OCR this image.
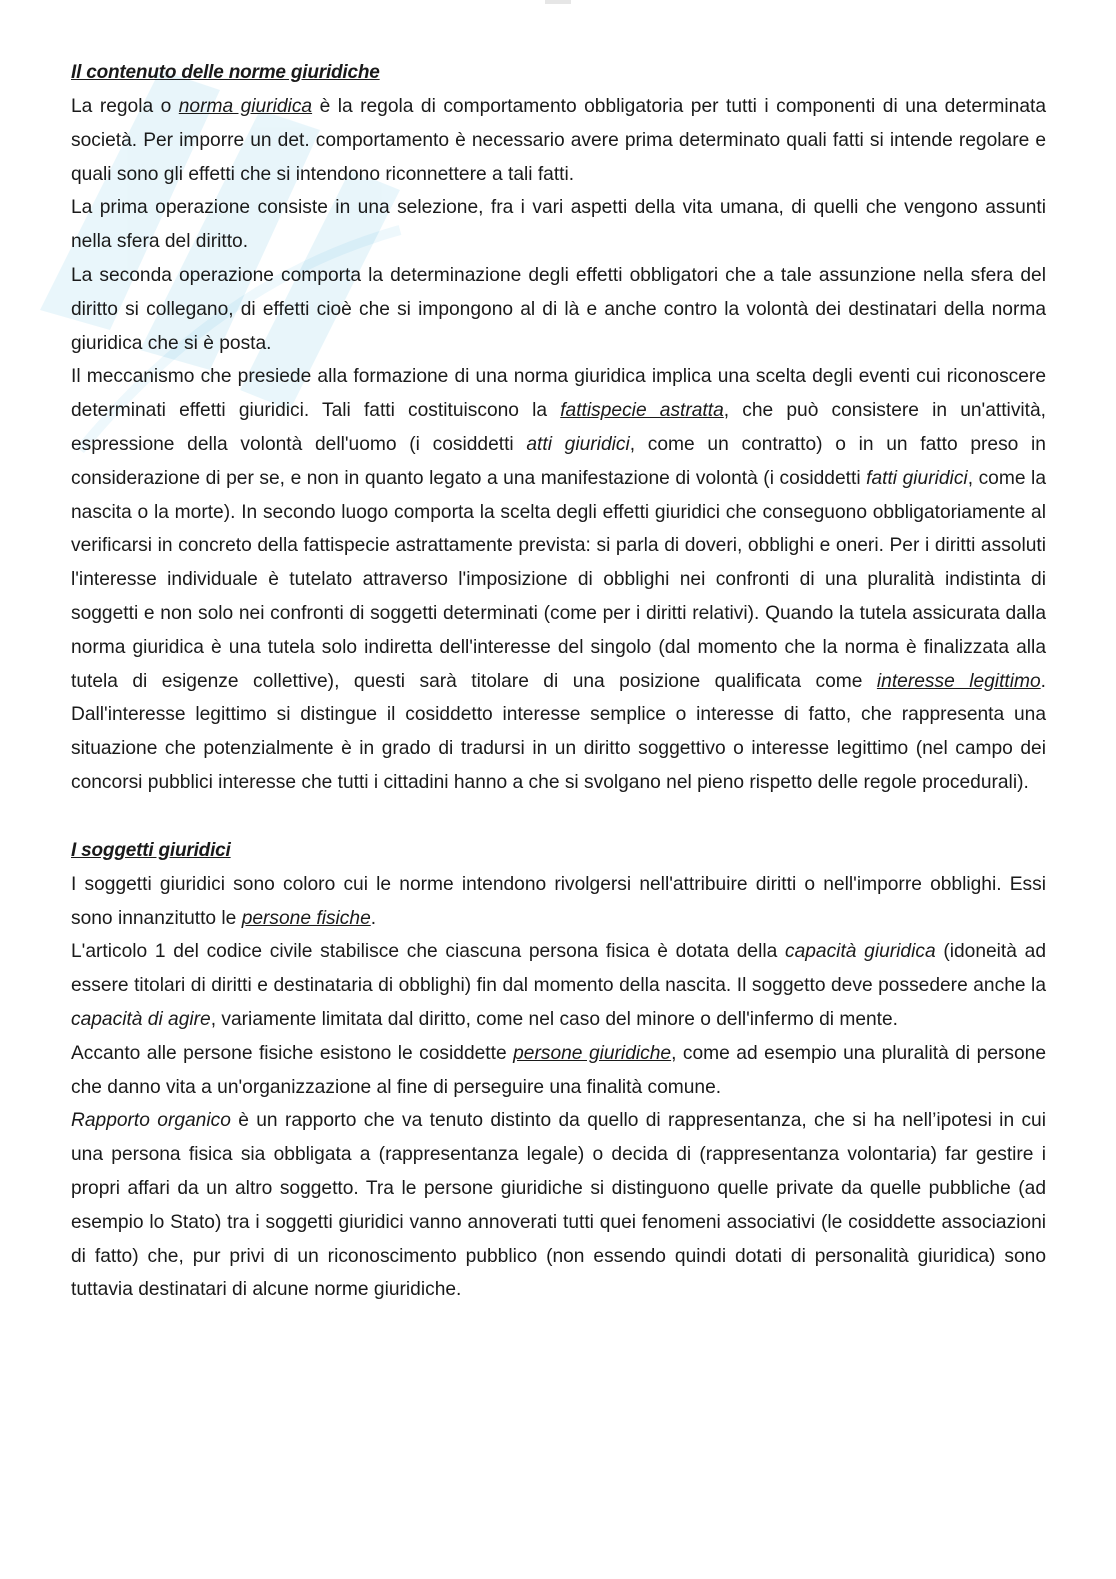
Il contenuto delle norme giuridiche

La regola o norma giuridica è la regola di comportamento obbligatoria per tutti i componenti di una determinata società. Per imporre un det. comportamento è necessario avere prima determinato quali fatti si intende regolare e quali sono gli effetti che si intendono riconnettere a tali fatti.

La prima operazione consiste in una selezione, fra i vari aspetti della vita umana, di quelli che vengono assunti nella sfera del diritto.

La seconda operazione comporta la determinazione degli effetti obbligatori che a tale assunzione nella sfera del diritto si collegano, di effetti cioè che si impongono al di là e anche contro la volontà dei destinatari della norma giuridica che si è posta.

Il meccanismo che presiede alla formazione di una norma giuridica implica una scelta degli eventi cui riconoscere determinati effetti giuridici. Tali fatti costituiscono la fattispecie astratta, che può consistere in un'attività, espressione della volontà dell'uomo (i cosiddetti atti giuridici, come un contratto) o in un fatto preso in considerazione di per se, e non in quanto legato a una manifestazione di volontà (i cosiddetti fatti giuridici, come la nascita o la morte). In secondo luogo comporta la scelta degli effetti giuridici che conseguono obbligatoriamente al verificarsi in concreto della fattispecie astrattamente prevista: si parla di doveri, obblighi e oneri. Per i diritti assoluti l'interesse individuale è tutelato attraverso l'imposizione di obblighi nei confronti di una pluralità indistinta di soggetti e non solo nei confronti di soggetti determinati (come per i diritti relativi). Quando la tutela assicurata dalla norma giuridica è una tutela solo indiretta dell'interesse del singolo (dal momento che la norma è finalizzata alla tutela di esigenze collettive), questi sarà titolare di una posizione qualificata come interesse legittimo. Dall'interesse legittimo si distingue il cosiddetto interesse semplice o interesse di fatto, che rappresenta una situazione che potenzialmente è in grado di tradursi in un diritto soggettivo o interesse legittimo (nel campo dei concorsi pubblici interesse che tutti i cittadini hanno a che si svolgano nel pieno rispetto delle regole procedurali).

I soggetti giuridici

I soggetti giuridici sono coloro cui le norme intendono rivolgersi nell'attribuire diritti o nell'imporre obblighi. Essi sono innanzitutto le persone fisiche.

L'articolo 1 del codice civile stabilisce che ciascuna persona fisica è dotata della capacità giuridica (idoneità ad essere titolari di diritti e destinataria di obblighi) fin dal momento della nascita. Il soggetto deve possedere anche la capacità di agire, variamente limitata dal diritto, come nel caso del minore o dell'infermo di mente.

Accanto alle persone fisiche esistono le cosiddette persone giuridiche, come ad esempio una pluralità di persone che danno vita a un'organizzazione al fine di perseguire una finalità comune.

Rapporto organico è un rapporto che va tenuto distinto da quello di rappresentanza, che si ha nell’ipotesi in cui una persona fisica sia obbligata a (rappresentanza legale) o decida di (rappresentanza volontaria) far gestire i propri affari da un altro soggetto. Tra le persone giuridiche si distinguono quelle private da quelle pubbliche (ad esempio lo Stato) tra i soggetti giuridici vanno annoverati tutti quei fenomeni associativi (le cosiddette associazioni di fatto) che, pur privi di un riconoscimento pubblico (non essendo quindi dotati di personalità giuridica) sono tuttavia destinatari di alcune norme giuridiche.
